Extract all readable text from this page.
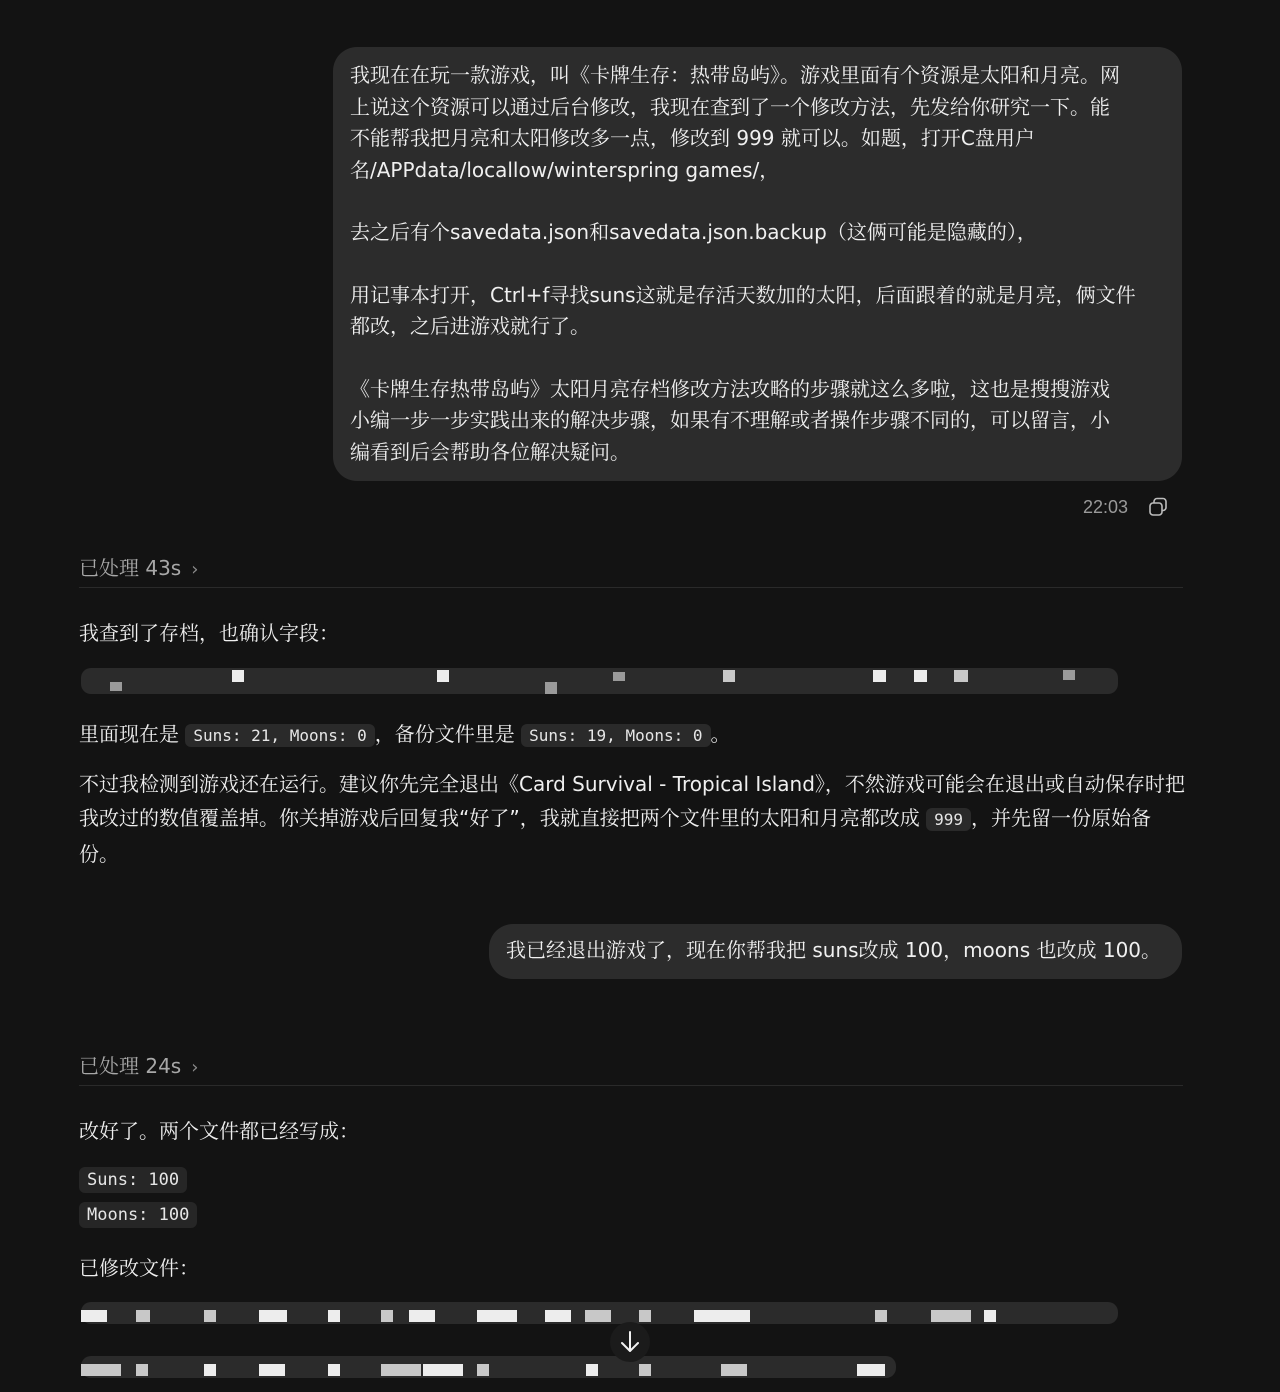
我现在在玩一款游戏，叫《卡牌生存：热带岛屿》。游戏里面有个资源是太阳和月亮。网
上说这个资源可以通过后台修改，我现在查到了一个修改方法，先发给你研究一下。能
不能帮我把月亮和太阳修改多一点，修改到 999 就可以。如题，打开C盘用户
名/APPdata/locallow/winterspring games/，

去之后有个savedata.json和savedata.json.backup（这俩可能是隐藏的），

用记事本打开，Ctrl+f寻找suns这就是存活天数加的太阳，后面跟着的就是月亮，俩文件
都改，之后进游戏就行了。

《卡牌生存热带岛屿》太阳月亮存档修改方法攻略的步骤就这么多啦，这也是搜搜游戏
小编一步一步实践出来的解决步骤，如果有不理解或者操作步骤不同的，可以留言，小
编看到后会帮助各位解决疑问。

22:03
已处理 43s ›
我查到了存档，也确认字段：
里面现在是 Suns: 21, Moons: 0 ，备份文件里是 Suns: 19, Moons: 0 。
不过我检测到游戏还在运行。建议你先完全退出《Card Survival - Tropical Island》，不然游戏可能会在退出或自动保存时把我改过的数值覆盖掉。你关掉游戏后回复我“好了”，我就直接把两个文件里的太阳和月亮都改成 999 ，并先留一份原始备份。
我已经退出游戏了，现在你帮我把 suns改成 100，moons 也改成 100。
已处理 24s ›
改好了。两个文件都已经写成：
Suns: 100
Moons: 100
已修改文件：
